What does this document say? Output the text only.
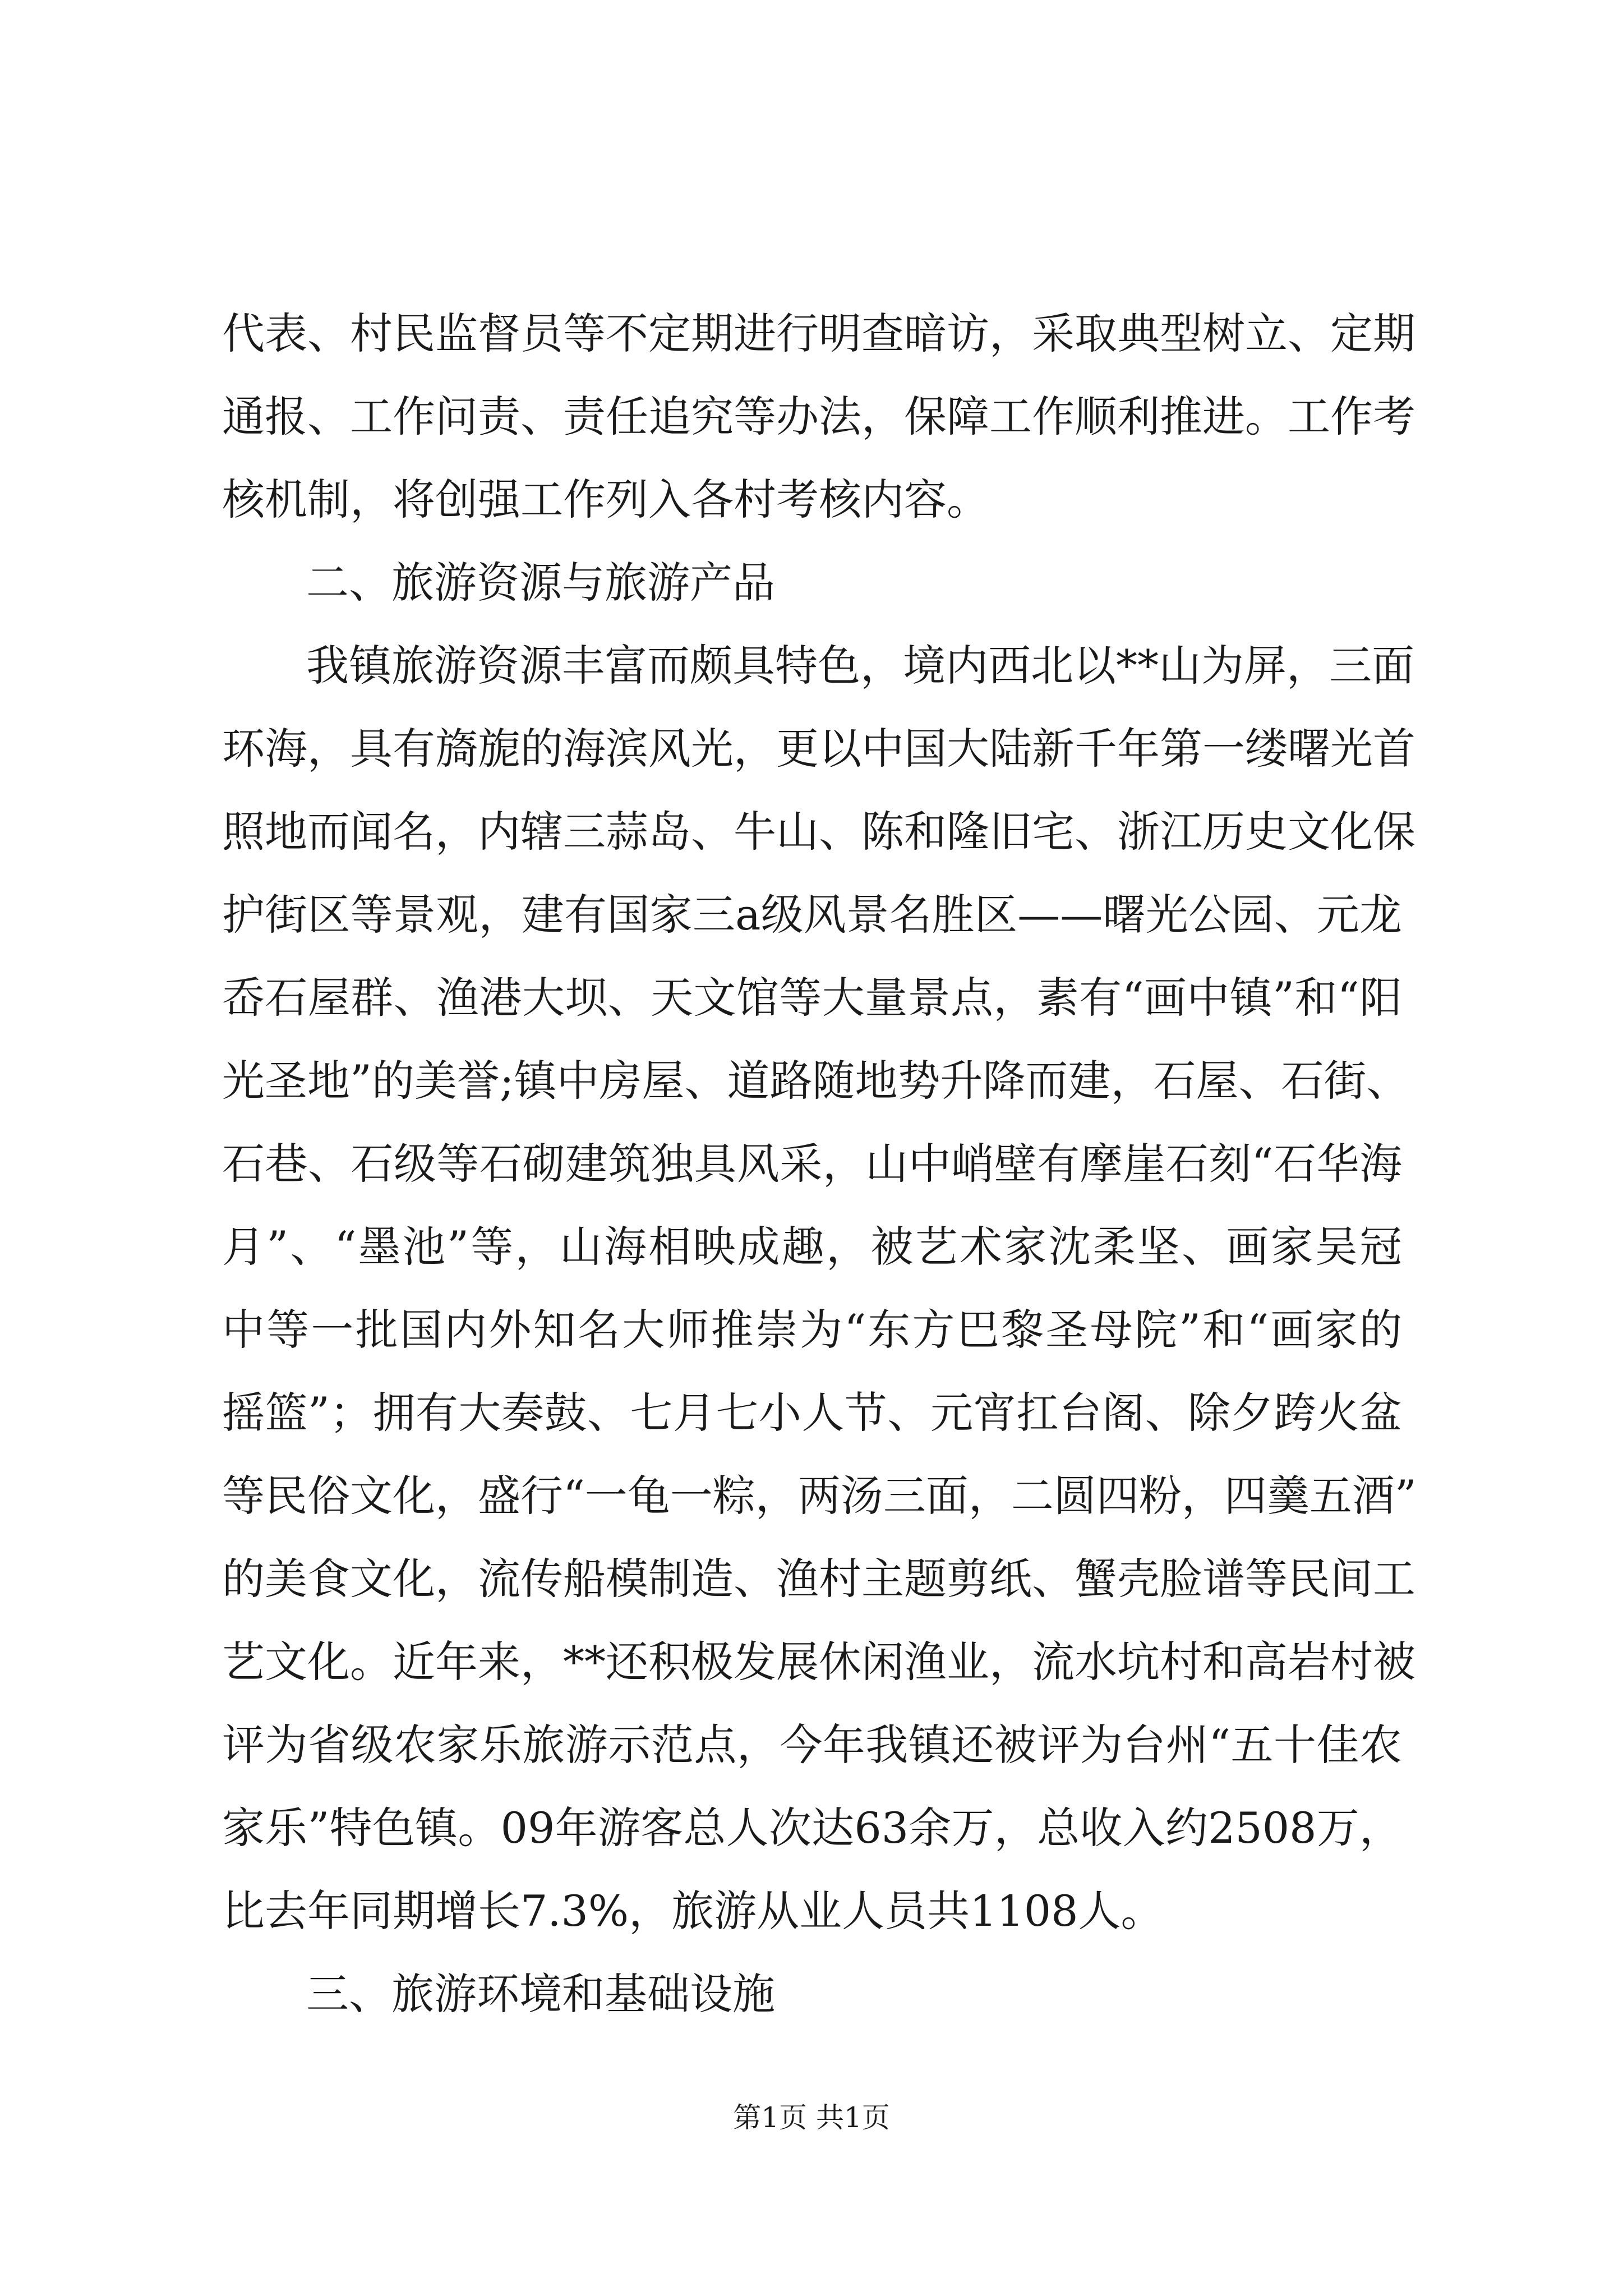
代表、村民监督员等不定期进行明查暗访，采取典型树立、定期
通报、工作问责、责任追究等办法，保障工作顺利推进。工作考
核机制，将创强工作列入各村考核内容。
二、旅游资源与旅游产品
我镇旅游资源丰富而颇具特色，境内西北以**山为屏，三面
环海，具有旖旎的海滨风光，更以中国大陆新千年第一缕曙光首
照地而闻名，内辖三蒜岛、牛山、陈和隆旧宅、浙江历史文化保
护街区等景观，建有国家三a级风景名胜区——曙光公园、元龙
岙石屋群、渔港大坝、天文馆等大量景点，素有“画中镇”和“阳
光圣地”的美誉;镇中房屋、道路随地势升降而建，石屋、石街、
石巷、石级等石砌建筑独具风采，山中峭壁有摩崖石刻“石华海
月”、“墨池”等，山海相映成趣，被艺术家沈柔坚、画家吴冠
中等一批国内外知名大师推崇为“东方巴黎圣母院”和“画家的
摇篮”；拥有大奏鼓、七月七小人节、元宵扛台阁、除夕跨火盆
等民俗文化，盛行“一龟一粽，两汤三面，二圆四粉，四羹五酒”
的美食文化，流传船模制造、渔村主题剪纸、蟹壳脸谱等民间工
艺文化。近年来，**还积极发展休闲渔业，流水坑村和高岩村被
评为省级农家乐旅游示范点，今年我镇还被评为台州“五十佳农
家乐”特色镇。09年游客总人次达63余万，总收入约2508万，
比去年同期增长7.3%，旅游从业人员共1108人。
三、旅游环境和基础设施
第1页 共1页
